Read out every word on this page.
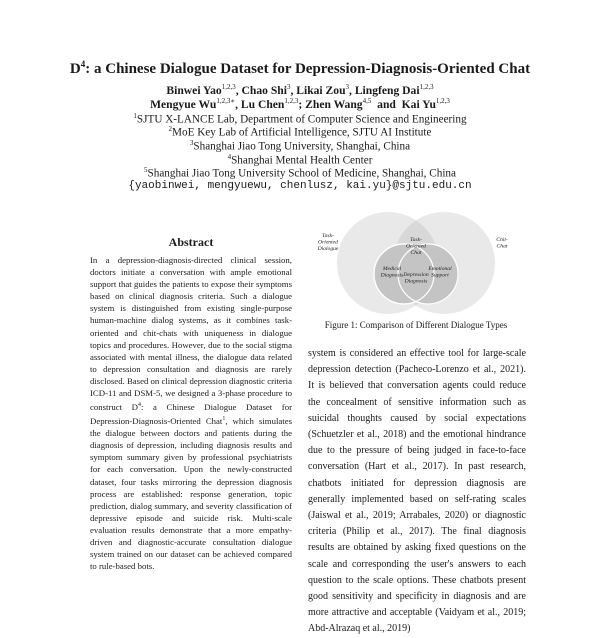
$D^4$: a Chinese Dialogue Dataset for Depression-Diagnosis-Oriented Chat
Binwei Yao$^{1,2,3}$, Chao Shi$^3$, Likai Zou$^3$, Lingfeng Dai$^{1,2,3}$
Mengyue $Wu^{1,2,3∗}$, Lu Chen$^{1,2,3}$; Zhen Wang$^{4,5}$  and  Kai Yu$^{1,2,3}$
$^1$SJTU X-LANCE Lab, Department of Computer Science and Engineering
$^2$MoE Key Lab of Artificial Intelligence, SJTU AI Institute
$^3$Shanghai Jiao Tong University, Shanghai, China
$^4$Shanghai Mental Health Center
$^5$Shanghai Jiao Tong University School of Medicine, Shanghai, China
{yaobinwei, mengyuewu, chenlusz, kai.yu}@sjtu.edu.cn
Abstract
In a depression-diagnosis-directed clinical session, doctors initiate a conversation with ample emotional support that guides the patients to expose their symptoms based on clinical diagnosis criteria. Such a dialogue system is distinguished from existing single-purpose human-machine dialog systems, as it combines task-oriented and chit-chats with uniqueness in dialogue topics and procedures. However, due to the social stigma associated with mental illness, the dialogue data related to depression consultation and diagnosis are rarely disclosed. Based on clinical depression diagnostic criteria ICD-11 and DSM-5, we designed a 3-phase procedure to construct $D^4$: a Chinese Dialogue Dataset for Depression-Diagnosis-Oriented Chat$^1$, which simulates the dialogue between doctors and patients during the diagnosis of depression, including diagnosis results and symptom summary given by professional psychiatrists for each conversation. Upon the newly-constructed dataset, four tasks mirroring the depression diagnosis process are established: response generation, topic prediction, dialog summary, and severity classification of depressive episode and suicide risk. Multi-scale evaluation results demonstrate that a more empathy-driven and diagnostic-accurate consultation dialogue system trained on our dataset can be achieved compared to rule-based bots.
Task-Oriented Dialogue
Medical Diagnosis
Task-Oriented Chat
Depression Diagnosis
Emotional Support
Chit-Chat
Figure 1: Comparison of Different Dialogue Types
system is considered an effective tool for large-scale depression detection (Pacheco-Lorenzo et al., 2021). It is believed that conversation agents could reduce the concealment of sensitive information such as suicidal thoughts caused by social expectations (Schuetzler et al., 2018) and the emotional hindrance due to the pressure of being judged in face-to-face conversation (Hart et al., 2017). In past research, chatbots initiated for depression diagnosis are generally implemented based on self-rating scales (Jaiswal et al., 2019; Arrabales, 2020) or diagnostic criteria (Philip et al., 2017). The final diagnosis results are obtained by asking fixed questions on the scale and corresponding the user's answers to each question to the scale options. These chatbots present good sensitivity and specificity in diagnosis and are more attractive and acceptable (Vaidyam et al., 2019; Abd-Alrazaq et al., 2019)
